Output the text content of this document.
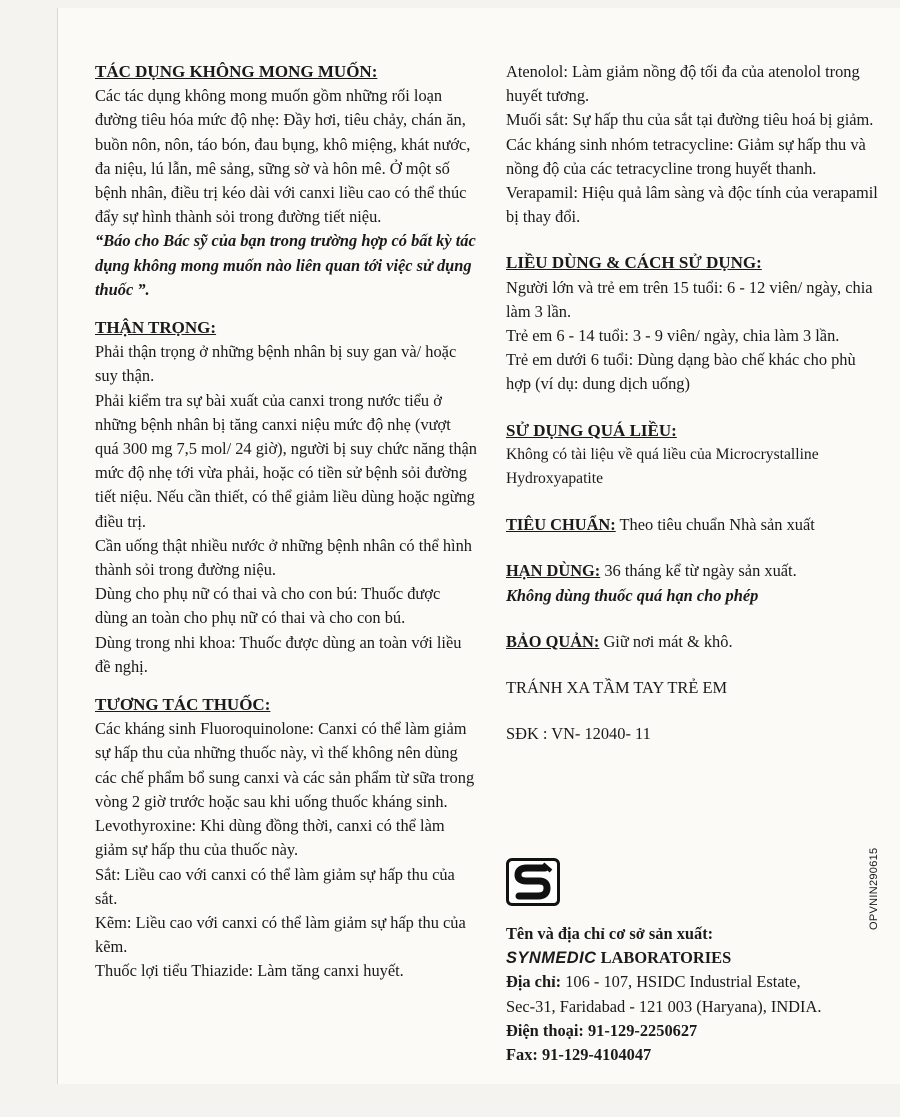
TÁC DỤNG KHÔNG MONG MUỐN:

Các tác dụng không mong muốn gồm những rối loạn đường tiêu hóa mức độ nhẹ: Đầy hơi, tiêu chảy, chán ăn, buồn nôn, nôn, táo bón, đau bụng, khô miệng, khát nước, đa niệu, lú lẫn, mê sảng, sững sờ và hôn mê. Ở một số bệnh nhân, điều trị kéo dài với canxi liều cao có thể thúc đẩy sự hình thành sỏi trong đường tiết niệu.

“Báo cho Bác sỹ của bạn trong trường hợp có bất kỳ tác dụng không mong muốn nào liên quan tới việc sử dụng thuốc ”.

THẬN TRỌNG:

Phải thận trọng ở những bệnh nhân bị suy gan và/ hoặc suy thận.

Phải kiểm tra sự bài xuất của canxi trong nước tiểu ở những bệnh nhân bị tăng canxi niệu mức độ nhẹ (vượt quá 300 mg 7,5 mol/ 24 giờ), người bị suy chức năng thận mức độ nhẹ tới vừa phải, hoặc có tiền sử bệnh sỏi đường tiết niệu. Nếu cần thiết, có thể giảm liều dùng hoặc ngừng điều trị.

Cần uống thật nhiều nước ở những bệnh nhân có thể hình thành sỏi trong đường niệu.

Dùng cho phụ nữ có thai và cho con bú: Thuốc được dùng an toàn cho phụ nữ có thai và cho con bú.

Dùng trong nhi khoa: Thuốc được dùng an toàn với liều đề nghị.

TƯƠNG TÁC THUỐC:

Các kháng sinh Fluoroquinolone: Canxi có thể làm giảm sự hấp thu của những thuốc này, vì thế không nên dùng các chế phẩm bổ sung canxi và các sản phẩm từ sữa trong vòng 2 giờ trước hoặc sau khi uống thuốc kháng sinh.

Levothyroxine: Khi dùng đồng thời, canxi có thể làm giảm sự hấp thu của thuốc này.

Sắt: Liều cao với canxi có thể làm giảm sự hấp thu của sắt.

Kẽm: Liều cao với canxi có thể làm giảm sự hấp thu của kẽm.

Thuốc lợi tiểu Thiazide: Làm tăng canxi huyết.

Atenolol: Làm giảm nồng độ tối đa của atenolol trong huyết tương.

Muối sắt: Sự hấp thu của sắt tại đường tiêu hoá bị giảm.

Các kháng sinh nhóm tetracycline: Giảm sự hấp thu và nồng độ của các tetracycline trong huyết thanh.

Verapamil: Hiệu quả lâm sàng và độc tính của verapamil bị thay đổi.

LIỀU DÙNG & CÁCH SỬ DỤNG:

Người lớn và trẻ em trên 15 tuổi: 6 - 12 viên/ ngày, chia làm 3 lần.

Trẻ em 6 - 14 tuổi: 3 - 9 viên/ ngày, chia làm 3 lần.

Trẻ em dưới 6 tuổi: Dùng dạng bào chế khác cho phù hợp (ví dụ: dung dịch uống)

SỬ DỤNG QUÁ LIỀU:

Không có tài liệu về quá liều của Microcrystalline Hydroxyapatite

TIÊU CHUẨN: Theo tiêu chuẩn Nhà sản xuất

HẠN DÙNG: 36 tháng kể từ ngày sản xuất.

Không dùng thuốc quá hạn cho phép

BẢO QUẢN: Giữ nơi mát & khô.

TRÁNH XA TẦM TAY TRẺ EM

SĐK : VN- 12040- 11

OPVNIN290615

Tên và địa chỉ cơ sở sản xuất:

SYNMEDIC LABORATORIES

Địa chỉ: 106 - 107, HSIDC Industrial Estate,

Sec-31, Faridabad - 121 003 (Haryana), INDIA.

Điện thoại: 91-129-2250627

Fax: 91-129-4104047
